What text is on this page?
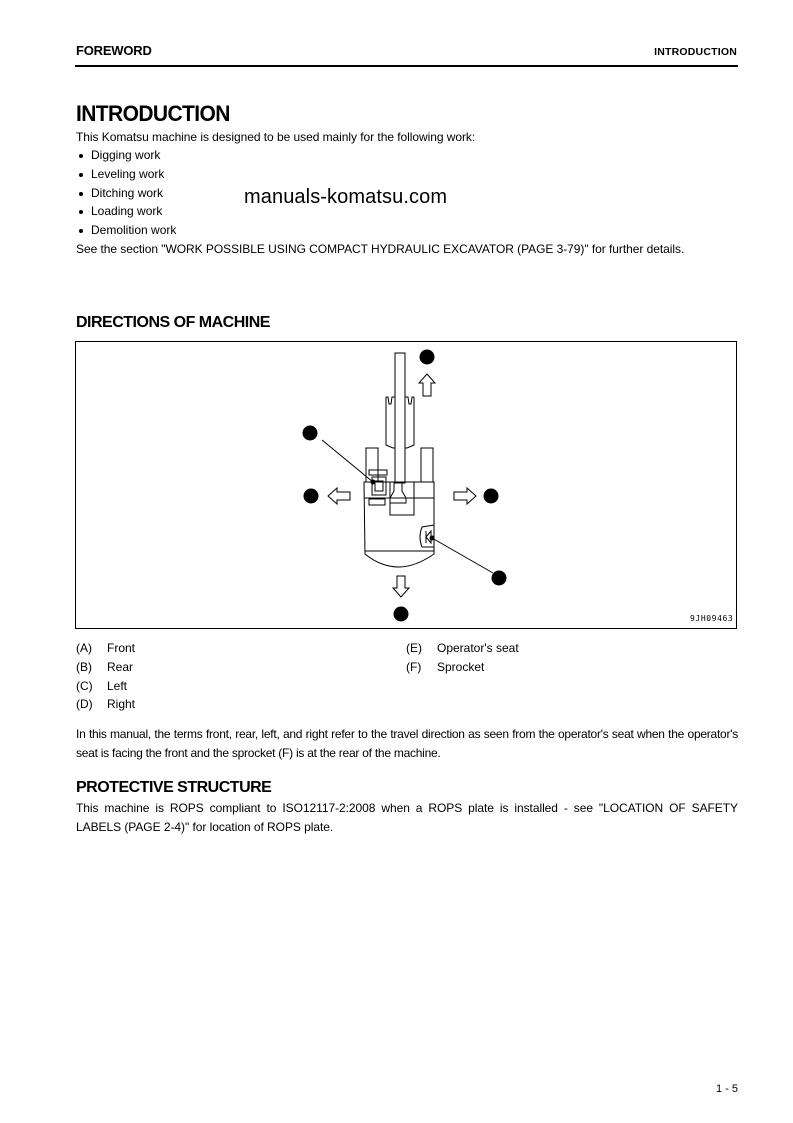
FOREWORD	INTRODUCTION
INTRODUCTION
This Komatsu machine is designed to be used mainly for the following work:
Digging work
Leveling work
Ditching work
Loading work
Demolition work
manuals-komatsu.com
See the section "WORK POSSIBLE USING COMPACT HYDRAULIC EXCAVATOR (PAGE 3-79)" for further details.
DIRECTIONS OF MACHINE
A
B
C	D
E
F
9JH09463
(A)	Front
(B)	Rear
(C)	Left
(D)	Right
(E)	Operator's seat
(F)	Sprocket
In this manual, the terms front, rear, left, and right refer to the travel direction as seen from the operator's seat when the operator's seat is facing the front and the sprocket (F) is at the rear of the machine.
PROTECTIVE STRUCTURE
This machine is ROPS compliant to ISO12117-2:2008 when a ROPS plate is installed - see "LOCATION OF SAFETY LABELS (PAGE 2-4)" for location of ROPS plate.
1 - 5
